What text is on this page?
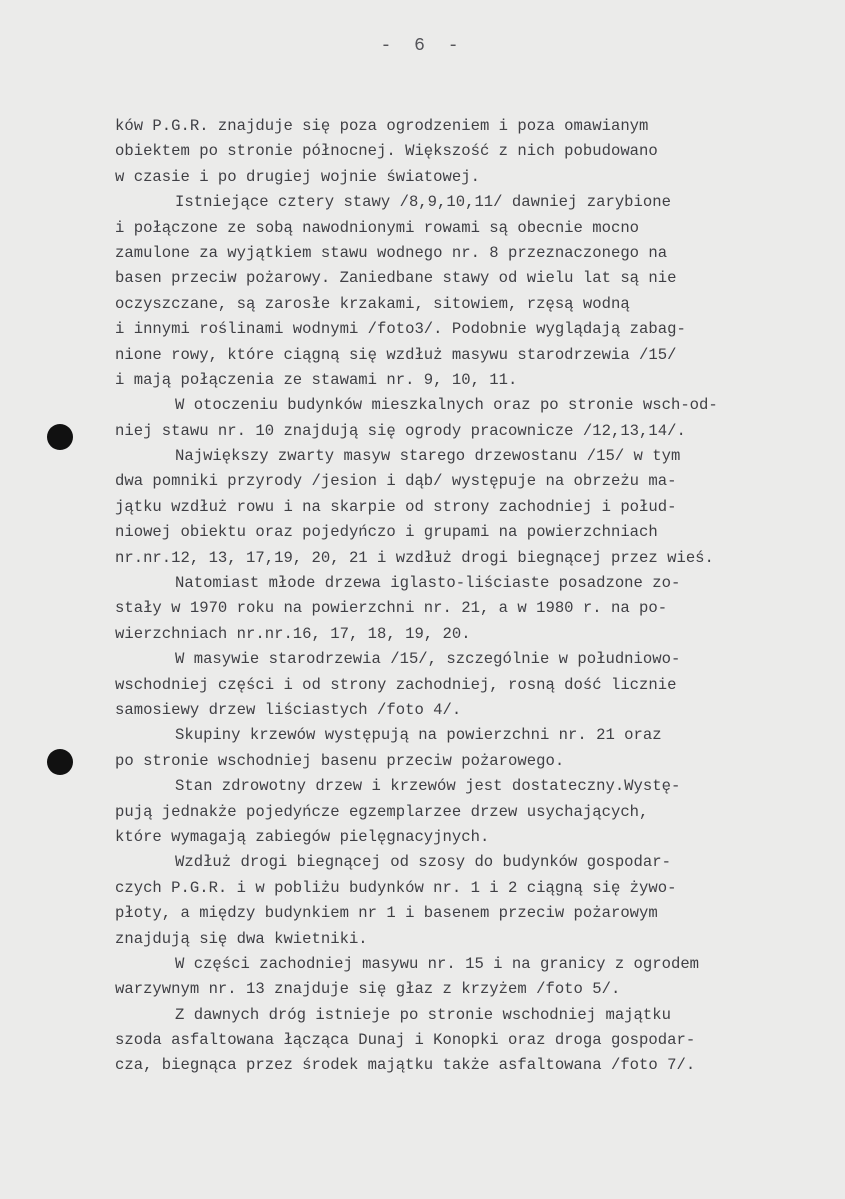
- 6 -
ków P.G.R. znajduje się poza ogrodzeniem i poza omawianym
obiektem po stronie północnej. Większość z nich pobudowano
w czasie i po drugiej wojnie światowej.
Istniejące cztery stawy /8,9,10,11/ dawniej zarybione
i połączone ze sobą nawodnionymi rowami są obecnie mocno
zamulone za wyjątkiem stawu wodnego nr. 8 przeznaczonego na
basen przeciw pożarowy. Zaniedbane stawy od wielu lat są nie
oczyszczane, są zarosłe krzakami, sitowiem, rzęsą wodną
i innymi roślinami wodnymi /foto3/. Podobnie wyglądają zabag-
nione rowy, które ciągną się wzdłuż masywu starodrzewia /15/
i mają połączenia ze stawami nr. 9, 10, 11.
W otoczeniu budynków mieszkalnych oraz po stronie wsch-od-
niej stawu nr. 10 znajdują się ogrody pracownicze /12,13,14/.
Największy zwarty masyw starego drzewostanu /15/ w tym
dwa pomniki przyrody /jesion i dąb/ występuje na obrzeżu ma-
jątku wzdłuż rowu i na skarpie od strony zachodniej i połud-
niowej obiektu oraz pojedyńczo i grupami na powierzchniach
nr.nr.12, 13, 17,19, 20, 21 i wzdłuż drogi biegnącej przez wieś.
Natomiast młode drzewa iglasto-liściaste posadzone zo-
stały w 1970 roku na powierzchni nr. 21, a w 1980 r. na po-
wierzchniach nr.nr.16, 17, 18, 19, 20.
W masywie starodrzewia /15/, szczególnie w południowo-
wschodniej części i od strony zachodniej, rosną dość licznie
samosiewy drzew liściastych /foto 4/.
Skupiny krzewów występują na powierzchni nr. 21 oraz
po stronie wschodniej basenu przeciw pożarowego.
Stan zdrowotny drzew i krzewów jest dostateczny.Wystę-
pują jednakże pojedyńcze egzemplarzee drzew usychających,
które wymagają zabiegów pielęgnacyjnych.
Wzdłuż drogi biegnącej od szosy do budynków gospodar-
czych P.G.R. i w pobliżu budynków nr. 1 i 2 ciągną się żywo-
płoty, a między budynkiem nr 1 i basenem przeciw pożarowym
znajdują się dwa kwietniki.
W części zachodniej masywu nr. 15 i na granicy z ogrodem
warzywnym nr. 13 znajduje się głaz z krzyżem /foto 5/.
Z dawnych dróg istnieje po stronie wschodniej majątku
szoda asfaltowana łącząca Dunaj i Konopki oraz droga gospodar-
cza, biegnąca przez środek majątku także asfaltowana /foto 7/.
